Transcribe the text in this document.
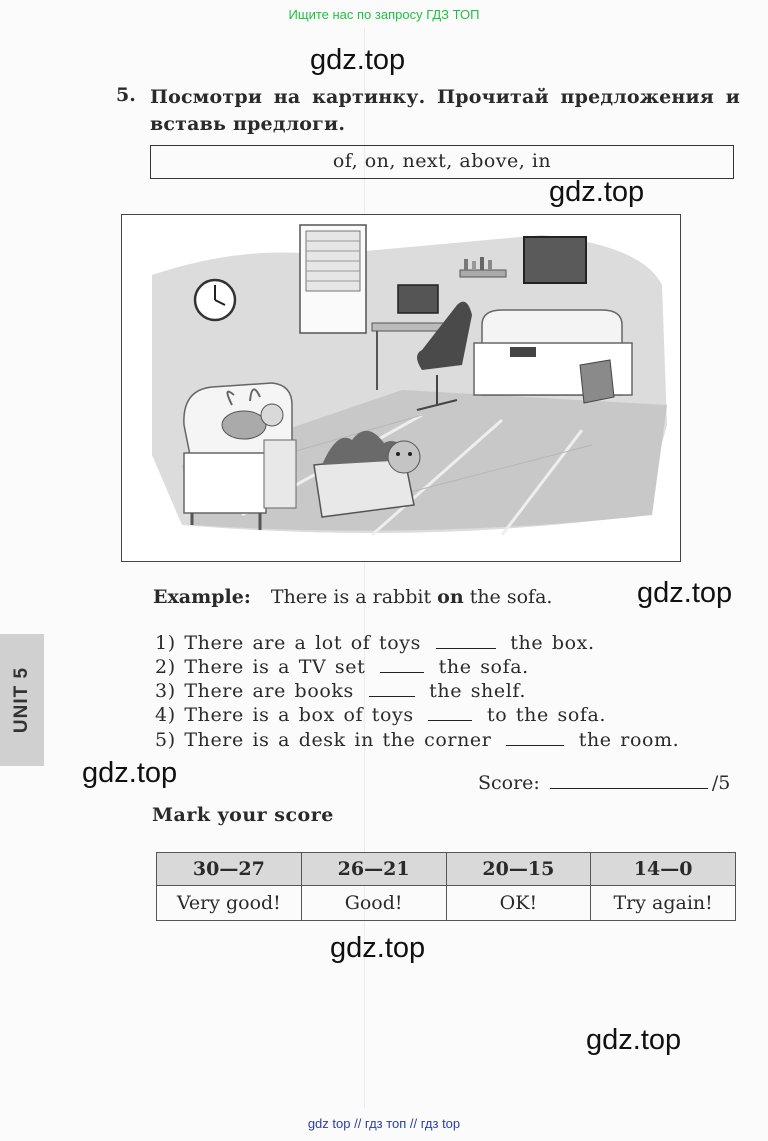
Ищите нас по запросу ГДЗ ТОП
gdz.top
gdz.top
gdz.top
gdz.top
gdz.top
gdz.top
5. Посмотри на картинку. Прочитай предложения и вставь предлоги.
of, on, next, above, in
Example: There is a rabbit on the sofa.
1) There are a lot of toys	the box.
2) There is a TV set	the sofa.
3) There are books	the shelf.
4) There is a box of toys	to the sofa.
5) There is a desk in the corner	the room.
Score:	/5
Mark your score
30—27	26—21	20—15	14—0
Very good!	Good!	OK!	Try again!
UNIT 5
gdz top // гдз топ // гдз top
